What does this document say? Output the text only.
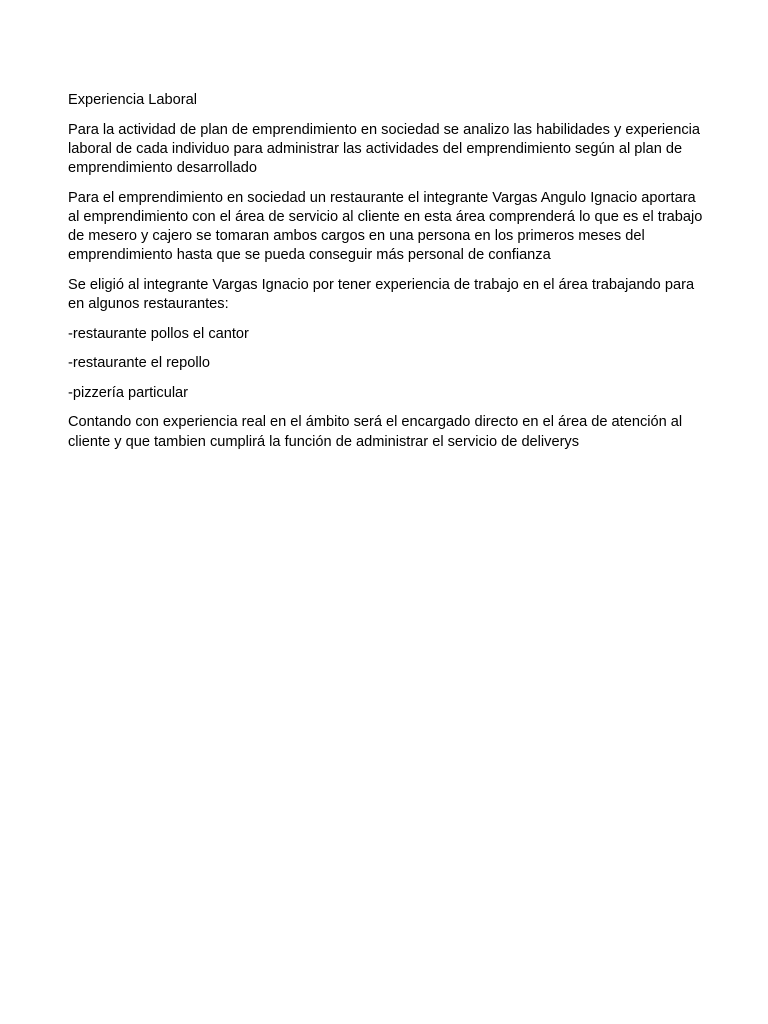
Experiencia Laboral

Para la actividad de plan de emprendimiento en sociedad se analizo las habilidades y experiencia laboral de cada individuo para administrar las actividades del emprendimiento según al plan de emprendimiento desarrollado

Para el emprendimiento en sociedad un restaurante el integrante Vargas Angulo Ignacio aportara al emprendimiento con el área de servicio al cliente en esta área comprenderá lo que es el trabajo de mesero y cajero se tomaran ambos cargos en una persona en los primeros meses del emprendimiento hasta que se pueda conseguir más personal de confianza

Se eligió al integrante Vargas Ignacio por tener experiencia de trabajo en el área trabajando para en algunos restaurantes:

-restaurante pollos el cantor

-restaurante el repollo

-pizzería particular

Contando con experiencia real en el ámbito será el encargado directo en el área de atención al cliente y que tambien cumplirá la función de administrar el servicio de deliverys
